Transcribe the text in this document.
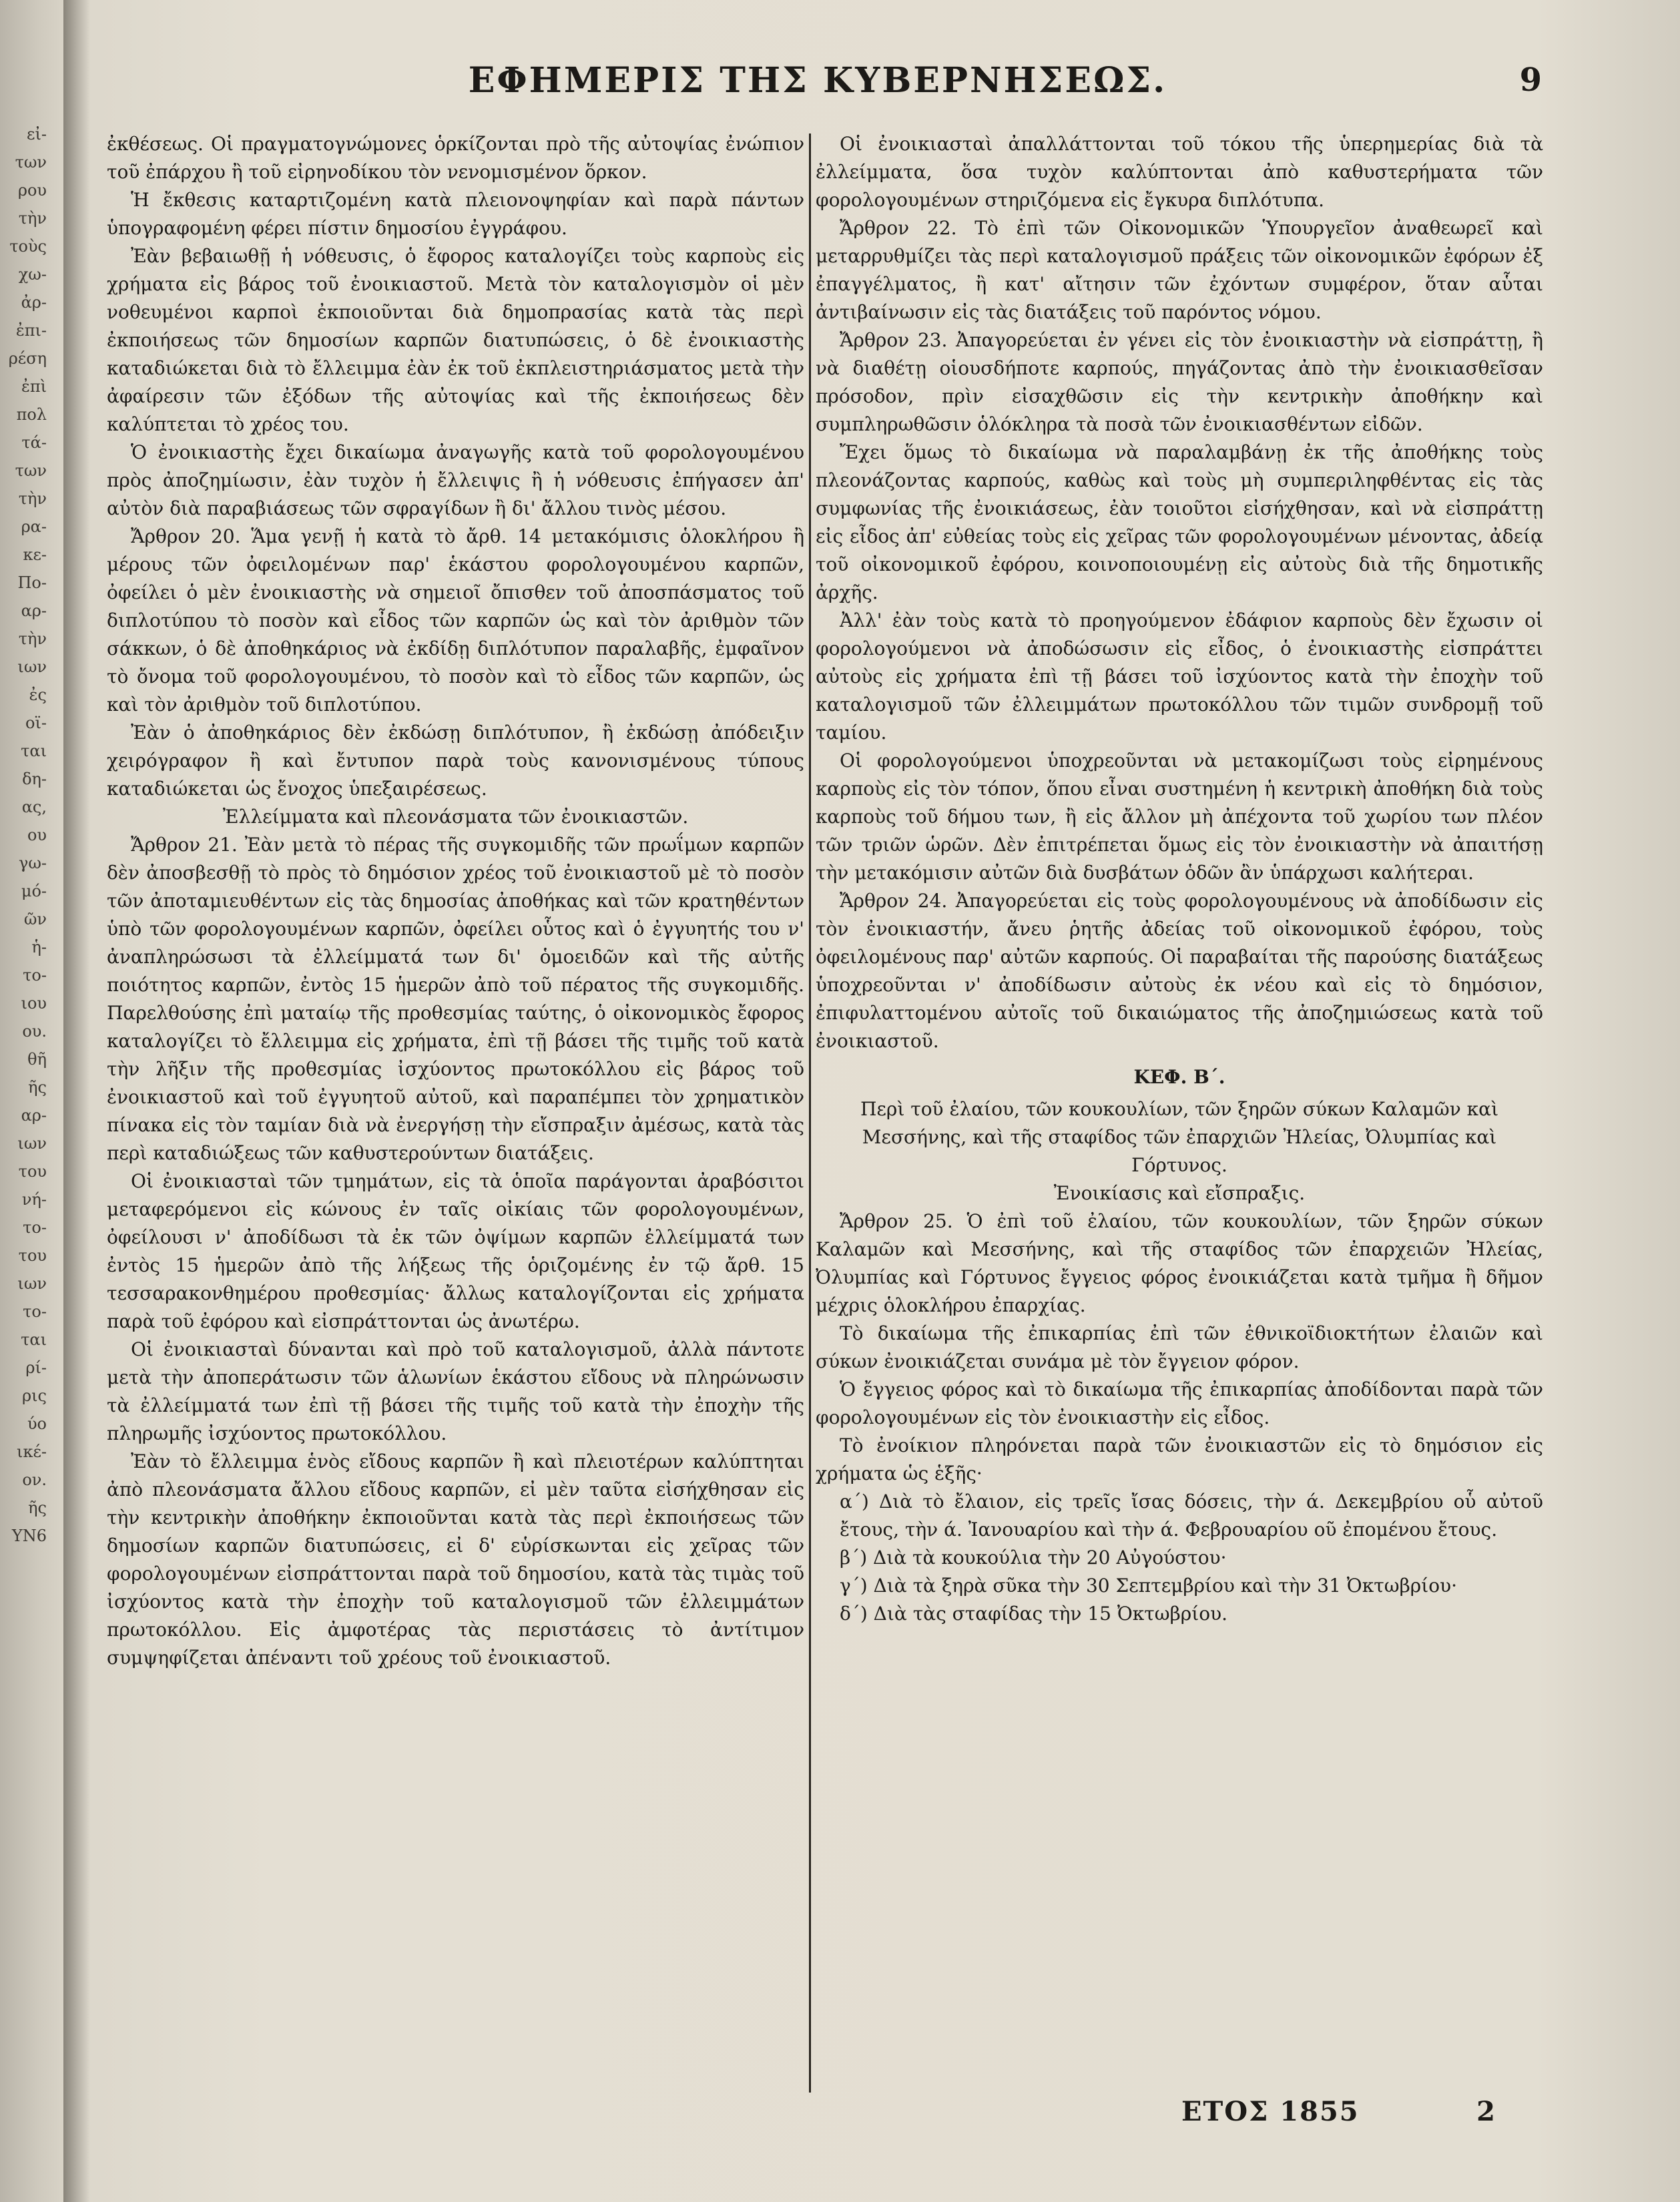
εἰ-
των
ρου
τὴν
τοὺς
χω-
ἀρ-
ἐπι-
ρέση
ἐπὶ
πολ
τά-
των
τὴν
ρα-
κε-
Πο-
αρ-
τὴν
ιων
ἐς
οϊ-
ται
δη-
ας,
ου
γω-
μό-
ῶν
ἡ-
το-
ιου
ου.
θῆ
ῆς
αρ-
ιων
του
νή-
το-
του
ιων
το-
ται
ρί-
ρις
ύο
ικέ-
ον.
ῆς
ΥΝ6
ΕΦΗΜΕΡΙΣ ΤΗΣ ΚΥΒΕΡΝΗΣΕΩΣ.	9

ἐκθέσεως. Οἱ πραγματογνώμονες ὁρκίζονται πρὸ τῆς αὐτοψίας ἐνώπιον τοῦ ἐπάρχου ἢ τοῦ εἰρηνοδίκου τὸν νενομισμένον ὅρκον.

Ἡ ἔκθεσις καταρτιζομένη κατὰ πλειονοψηφίαν καὶ παρὰ πάντων ὑπογραφομένη φέρει πίστιν δημοσίου ἐγγράφου.

Ἐὰν βεβαιωθῇ ἡ νόθευσις, ὁ ἔφορος καταλογίζει τοὺς καρποὺς εἰς χρήματα εἰς βάρος τοῦ ἐνοικιαστοῦ. Μετὰ τὸν καταλογισμὸν οἱ μὲν νοθευμένοι καρποὶ ἐκποιοῦνται διὰ δημοπρασίας κατὰ τὰς περὶ ἐκποιήσεως τῶν δημοσίων καρπῶν διατυπώσεις, ὁ δὲ ἐνοικιαστὴς καταδιώκεται διὰ τὸ ἔλλειμμα ἐὰν ἐκ τοῦ ἐκπλειστηριάσματος μετὰ τὴν ἀφαίρεσιν τῶν ἐξόδων τῆς αὐτοψίας καὶ τῆς ἐκποιήσεως δὲν καλύπτεται τὸ χρέος του.

Ὁ ἐνοικιαστὴς ἔχει δικαίωμα ἀναγωγῆς κατὰ τοῦ φορολογουμένου πρὸς ἀποζημίωσιν, ἐὰν τυχὸν ἡ ἔλλειψις ἢ ἡ νόθευσις ἐπήγασεν ἀπ' αὐτὸν διὰ παραβιάσεως τῶν σφραγίδων ἢ δι' ἄλλου τινὸς μέσου.

Ἄρθρον 20. Ἅμα γενῇ ἡ κατὰ τὸ ἄρθ. 14 μετακόμισις ὁλοκλήρου ἢ μέρους τῶν ὀφειλομένων παρ' ἑκάστου φορολογουμένου καρπῶν, ὀφείλει ὁ μὲν ἐνοικιαστὴς νὰ σημειοῖ ὄπισθεν τοῦ ἀποσπάσματος τοῦ διπλοτύπου τὸ ποσὸν καὶ εἶδος τῶν καρπῶν ὡς καὶ τὸν ἀριθμὸν τῶν σάκκων, ὁ δὲ ἀποθηκάριος νὰ ἐκδίδῃ διπλότυπον παραλαβῆς, ἐμφαῖνον τὸ ὄνομα τοῦ φορολογουμένου, τὸ ποσὸν καὶ τὸ εἶδος τῶν καρπῶν, ὡς καὶ τὸν ἀριθμὸν τοῦ διπλοτύπου.

Ἐὰν ὁ ἀποθηκάριος δὲν ἐκδώσῃ διπλότυπον, ἢ ἐκδώσῃ ἀπόδειξιν χειρόγραφον ἢ καὶ ἔντυπον παρὰ τοὺς κανονισμένους τύπους καταδιώκεται ὡς ἔνοχος ὑπεξαιρέσεως.

Ἐλλείμματα καὶ πλεονάσματα τῶν ἐνοικιαστῶν.

Ἄρθρον 21. Ἐὰν μετὰ τὸ πέρας τῆς συγκομιδῆς τῶν πρωΐμων καρπῶν δὲν ἀποσβεσθῇ τὸ πρὸς τὸ δημόσιον χρέος τοῦ ἐνοικιαστοῦ μὲ τὸ ποσὸν τῶν ἀποταμιευθέντων εἰς τὰς δημοσίας ἀποθήκας καὶ τῶν κρατηθέντων ὑπὸ τῶν φορολογουμένων καρπῶν, ὀφείλει οὗτος καὶ ὁ ἐγγυητής του ν' ἀναπληρώσωσι τὰ ἐλλείμματά των δι' ὁμοειδῶν καὶ τῆς αὐτῆς ποιότητος καρπῶν, ἐντὸς 15 ἡμερῶν ἀπὸ τοῦ πέρατος τῆς συγκομιδῆς. Παρελθούσης ἐπὶ ματαίῳ τῆς προθεσμίας ταύτης, ὁ οἰκονομικὸς ἔφορος καταλογίζει τὸ ἔλλειμμα εἰς χρήματα, ἐπὶ τῇ βάσει τῆς τιμῆς τοῦ κατὰ τὴν λῆξιν τῆς προθεσμίας ἰσχύοντος πρωτοκόλλου εἰς βάρος τοῦ ἐνοικιαστοῦ καὶ τοῦ ἐγγυητοῦ αὐτοῦ, καὶ παραπέμπει τὸν χρηματικὸν πίνακα εἰς τὸν ταμίαν διὰ νὰ ἐνεργήσῃ τὴν εἴσπραξιν ἀμέσως, κατὰ τὰς περὶ καταδιώξεως τῶν καθυστερούντων διατάξεις.

Οἱ ἐνοικιασταὶ τῶν τμημάτων, εἰς τὰ ὁποῖα παράγονται ἀραβόσιτοι μεταφερόμενοι εἰς κώνους ἐν ταῖς οἰκίαις τῶν φορολογουμένων, ὀφείλουσι ν' ἀποδίδωσι τὰ ἐκ τῶν ὀψίμων καρπῶν ἐλλείμματά των ἐντὸς 15 ἡμερῶν ἀπὸ τῆς λήξεως τῆς ὁριζομένης ἐν τῷ ἄρθ. 15 τεσσαρακονθημέρου προθεσμίας· ἄλλως καταλογίζονται εἰς χρήματα παρὰ τοῦ ἐφόρου καὶ εἰσπράττονται ὡς ἀνωτέρω.

Οἱ ἐνοικιασταὶ δύνανται καὶ πρὸ τοῦ καταλογισμοῦ, ἀλλὰ πάντοτε μετὰ τὴν ἀποπεράτωσιν τῶν ἁλωνίων ἑκάστου εἴδους νὰ πληρώνωσιν τὰ ἐλλείμματά των ἐπὶ τῇ βάσει τῆς τιμῆς τοῦ κατὰ τὴν ἐποχὴν τῆς πληρωμῆς ἰσχύοντος πρωτοκόλλου.

Ἐὰν τὸ ἔλλειμμα ἑνὸς εἴδους καρπῶν ἢ καὶ πλειοτέρων καλύπτηται ἀπὸ πλεονάσματα ἄλλου εἴδους καρπῶν, εἰ μὲν ταῦτα εἰσήχθησαν εἰς τὴν κεντρικὴν ἀποθήκην ἐκποιοῦνται κατὰ τὰς περὶ ἐκποιήσεως τῶν δημοσίων καρπῶν διατυπώσεις, εἰ δ' εὑρίσκωνται εἰς χεῖρας τῶν φορολογουμένων εἰσπράττονται παρὰ τοῦ δημοσίου, κατὰ τὰς τιμὰς τοῦ ἰσχύοντος κατὰ τὴν ἐποχὴν τοῦ καταλογισμοῦ τῶν ἐλλειμμάτων πρωτοκόλλου. Εἰς ἀμφοτέρας τὰς περιστάσεις τὸ ἀντίτιμον συμψηφίζεται ἀπέναντι τοῦ χρέους τοῦ ἐνοικιαστοῦ.

Οἱ ἐνοικιασταὶ ἀπαλλάττονται τοῦ τόκου τῆς ὑπερημερίας διὰ τὰ ἐλλείμματα, ὅσα τυχὸν καλύπτονται ἀπὸ καθυστερήματα τῶν φορολογουμένων στηριζόμενα εἰς ἔγκυρα διπλότυπα.

Ἄρθρον 22. Τὸ ἐπὶ τῶν Οἰκονομικῶν Ὑπουργεῖον ἀναθεωρεῖ καὶ μεταρρυθμίζει τὰς περὶ καταλογισμοῦ πράξεις τῶν οἰκονομικῶν ἐφόρων ἐξ ἐπαγγέλματος, ἢ κατ' αἴτησιν τῶν ἐχόντων συμφέρον, ὅταν αὗται ἀντιβαίνωσιν εἰς τὰς διατάξεις τοῦ παρόντος νόμου.

Ἄρθρον 23. Ἀπαγορεύεται ἐν γένει εἰς τὸν ἐνοικιαστὴν νὰ εἰσπράττῃ, ἢ νὰ διαθέτῃ οἱουσδήποτε καρπούς, πηγάζοντας ἀπὸ τὴν ἐνοικιασθεῖσαν πρόσοδον, πρὶν εἰσαχθῶσιν εἰς τὴν κεντρικὴν ἀποθήκην καὶ συμπληρωθῶσιν ὁλόκληρα τὰ ποσὰ τῶν ἐνοικιασθέντων εἰδῶν.

Ἔχει ὅμως τὸ δικαίωμα νὰ παραλαμβάνῃ ἐκ τῆς ἀποθήκης τοὺς πλεονάζοντας καρπούς, καθὼς καὶ τοὺς μὴ συμπεριληφθέντας εἰς τὰς συμφωνίας τῆς ἐνοικιάσεως, ἐὰν τοιοῦτοι εἰσήχθησαν, καὶ νὰ εἰσπράττῃ εἰς εἶδος ἀπ' εὐθείας τοὺς εἰς χεῖρας τῶν φορολογουμένων μένοντας, ἀδείᾳ τοῦ οἰκονομικοῦ ἐφόρου, κοινοποιουμένῃ εἰς αὐτοὺς διὰ τῆς δημοτικῆς ἀρχῆς.

Ἀλλ' ἐὰν τοὺς κατὰ τὸ προηγούμενον ἐδάφιον καρποὺς δὲν ἔχωσιν οἱ φορολογούμενοι νὰ ἀποδώσωσιν εἰς εἶδος, ὁ ἐνοικιαστὴς εἰσπράττει αὐτοὺς εἰς χρήματα ἐπὶ τῇ βάσει τοῦ ἰσχύοντος κατὰ τὴν ἐποχὴν τοῦ καταλογισμοῦ τῶν ἐλλειμμάτων πρωτοκόλλου τῶν τιμῶν συνδρομῇ τοῦ ταμίου.

Οἱ φορολογούμενοι ὑποχρεοῦνται νὰ μετακομίζωσι τοὺς εἰρημένους καρποὺς εἰς τὸν τόπον, ὅπου εἶναι συστημένη ἡ κεντρικὴ ἀποθήκη διὰ τοὺς καρποὺς τοῦ δήμου των, ἢ εἰς ἄλλον μὴ ἀπέχοντα τοῦ χωρίου των πλέον τῶν τριῶν ὡρῶν. Δὲν ἐπιτρέπεται ὅμως εἰς τὸν ἐνοικιαστὴν νὰ ἀπαιτήσῃ τὴν μετακόμισιν αὐτῶν διὰ δυσβάτων ὁδῶν ἂν ὑπάρχωσι καλήτεραι.

Ἄρθρον 24. Ἀπαγορεύεται εἰς τοὺς φορολογουμένους νὰ ἀποδίδωσιν εἰς τὸν ἐνοικιαστήν, ἄνευ ῥητῆς ἀδείας τοῦ οἰκονομικοῦ ἐφόρου, τοὺς ὀφειλομένους παρ' αὐτῶν καρπούς. Οἱ παραβαίται τῆς παρούσης διατάξεως ὑποχρεοῦνται ν' ἀποδίδωσιν αὐτοὺς ἐκ νέου καὶ εἰς τὸ δημόσιον, ἐπιφυλαττομένου αὐτοῖς τοῦ δικαιώματος τῆς ἀποζημιώσεως κατὰ τοῦ ἐνοικιαστοῦ.

ΚΕΦ. Β΄.

Περὶ τοῦ ἐλαίου, τῶν κουκουλίων, τῶν ξηρῶν σύκων Καλαμῶν καὶ Μεσσήνης, καὶ τῆς σταφίδος τῶν ἐπαρχιῶν Ἠλείας, Ὀλυμπίας καὶ Γόρτυνος.

Ἐνοικίασις καὶ εἴσπραξις.

Ἄρθρον 25. Ὁ ἐπὶ τοῦ ἐλαίου, τῶν κουκουλίων, τῶν ξηρῶν σύκων Καλαμῶν καὶ Μεσσήνης, καὶ τῆς σταφίδος τῶν ἐπαρχειῶν Ἠλείας, Ὀλυμπίας καὶ Γόρτυνος ἔγγειος φόρος ἐνοικιάζεται κατὰ τμῆμα ἢ δῆμον μέχρις ὁλοκλήρου ἐπαρχίας.

Τὸ δικαίωμα τῆς ἐπικαρπίας ἐπὶ τῶν ἐθνικοϊδιοκτήτων ἐλαιῶν καὶ σύκων ἐνοικιάζεται συνάμα μὲ τὸν ἔγγειον φόρον.

Ὁ ἔγγειος φόρος καὶ τὸ δικαίωμα τῆς ἐπικαρπίας ἀποδίδονται παρὰ τῶν φορολογουμένων εἰς τὸν ἐνοικιαστὴν εἰς εἶδος.

Τὸ ἐνοίκιον πληρόνεται παρὰ τῶν ἐνοικιαστῶν εἰς τὸ δημόσιον εἰς χρήματα ὡς ἑξῆς·

α΄) Διὰ τὸ ἔλαιον, εἰς τρεῖς ἴσας δόσεις, τὴν ά. Δεκεμβρίου οὗ αὐτοῦ ἔτους, τὴν ά. Ἰανουαρίου καὶ τὴν ά. Φεβρουαρίου οῦ ἐπομένου ἔτους.

β΄) Διὰ τὰ κουκούλια τὴν 20 Αὐγούστου·

γ΄) Διὰ τὰ ξηρὰ σῦκα τὴν 30 Σεπτεμβρίου καὶ τὴν 31 Ὀκτωβρίου·

δ΄) Διὰ τὰς σταφίδας τὴν 15 Ὀκτωβρίου.

ΕΤΟΣ 1855	2
